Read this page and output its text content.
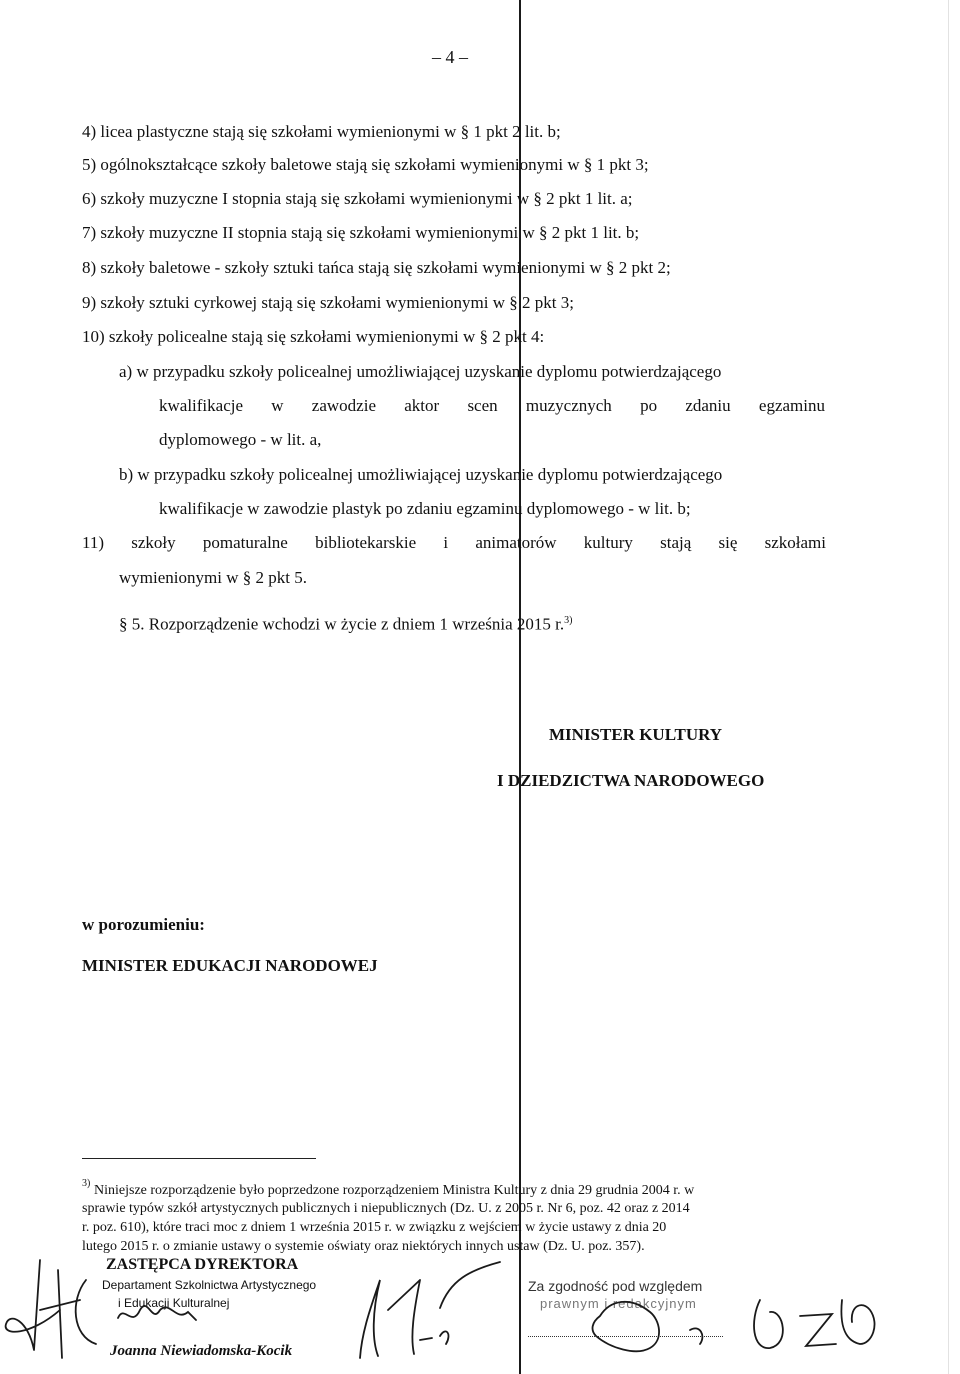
– 4 –
4) licea plastyczne stają się szkołami wymienionymi w § 1 pkt 2 lit. b;
5) ogólnokształcące szkoły baletowe stają się szkołami wymienionymi w § 1 pkt 3;
6) szkoły muzyczne I stopnia stają się szkołami wymienionymi w § 2 pkt 1 lit. a;
7) szkoły muzyczne II stopnia stają się szkołami wymienionymi w § 2 pkt 1 lit. b;
8) szkoły baletowe - szkoły sztuki tańca stają się szkołami wymienionymi w § 2 pkt 2;
9) szkoły sztuki cyrkowej stają się szkołami wymienionymi w § 2 pkt 3;
10) szkoły policealne stają się szkołami wymienionymi w § 2 pkt 4:
a) w przypadku szkoły policealnej umożliwiającej uzyskanie dyplomu potwierdzającego
kwalifikacje w zawodzie aktor scen muzycznych po zdaniu egzaminu
dyplomowego - w lit. a,
b) w przypadku szkoły policealnej umożliwiającej uzyskanie dyplomu potwierdzającego
kwalifikacje w zawodzie plastyk po zdaniu egzaminu dyplomowego - w lit. b;
11) szkoły pomaturalne bibliotekarskie i animatorów kultury stają się szkołami
wymienionymi w § 2 pkt 5.
§ 5. Rozporządzenie wchodzi w życie z dniem 1 września 2015 r.$^{3)}$
MINISTER KULTURY
I DZIEDZICTWA NARODOWEGO
w porozumieniu:
MINISTER EDUKACJI NARODOWEJ
$^{3)}$ Niniejsze rozporządzenie było poprzedzone rozporządzeniem Ministra Kultury z dnia 29 grudnia 2004 r. w
sprawie typów szkół artystycznych publicznych i niepublicznych (Dz. U. z 2005 r. Nr 6, poz. 42 oraz z 2014
r. poz. 610), które traci moc z dniem 1 września 2015 r. w związku z wejściem w życie ustawy z dnia 20
lutego 2015 r. o zmianie ustawy o systemie oświaty oraz niektórych innych ustaw (Dz. U. poz. 357).
ZASTĘPCA DYREKTORA
Departament Szkolnictwa Artystycznego
i Edukacji Kulturalnej
Joanna Niewiadomska-Kocik
Za zgodność pod względem
prawnym i redakcyjnym
